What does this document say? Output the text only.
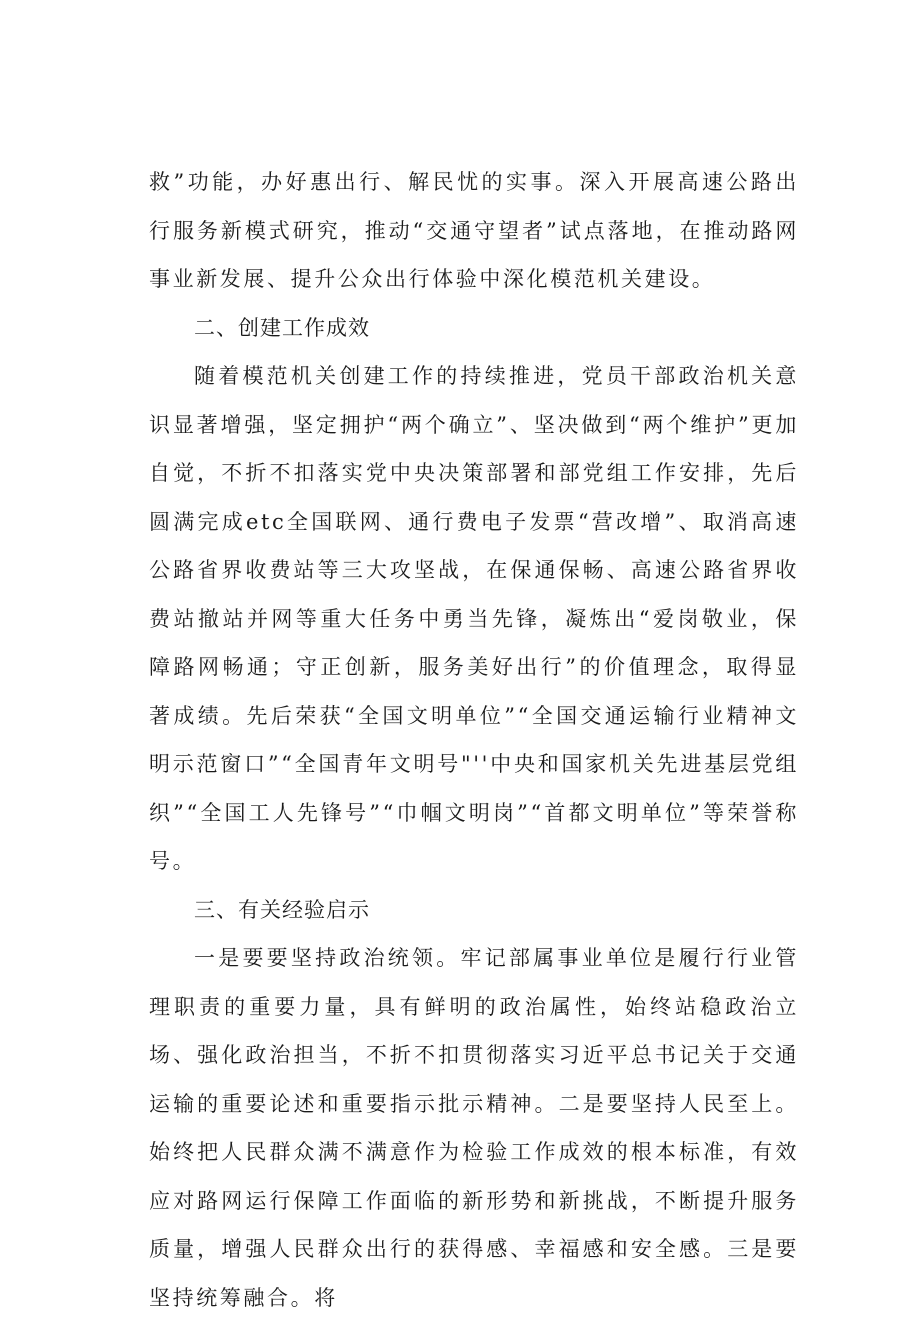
救”功能，办好惠出行、解民忧的实事。深入开展高速公路出行服务新模式研究，推动“交通守望者”试点落地，在推动路网事业新发展、提升公众出行体验中深化模范机关建设。

二、创建工作成效

随着模范机关创建工作的持续推进，党员干部政治机关意识显著增强，坚定拥护“两个确立”、坚决做到“两个维护”更加自觉，不折不扣落实党中央决策部署和部党组工作安排，先后圆满完成etc全国联网、通行费电子发票“营改增”、取消高速公路省界收费站等三大攻坚战，在保通保畅、高速公路省界收费站撤站并网等重大任务中勇当先锋，凝炼出“爱岗敬业，保障路网畅通；守正创新，服务美好出行”的价值理念，取得显著成绩。先后荣获“全国文明单位”“全国交通运输行业精神文明示范窗口”“全国青年文明号"''中央和国家机关先进基层党组织”“全国工人先锋号”“巾帼文明岗”“首都文明单位”等荣誉称号。

三、有关经验启示

一是要要坚持政治统领。牢记部属事业单位是履行行业管理职责的重要力量，具有鲜明的政治属性，始终站稳政治立场、强化政治担当，不折不扣贯彻落实习近平总书记关于交通运输的重要论述和重要指示批示精神。二是要坚持人民至上。始终把人民群众满不满意作为检验工作成效的根本标准，有效应对路网运行保障工作面临的新形势和新挑战，不断提升服务质量，增强人民群众出行的获得感、幸福感和安全感。三是要坚持统筹融合。将
